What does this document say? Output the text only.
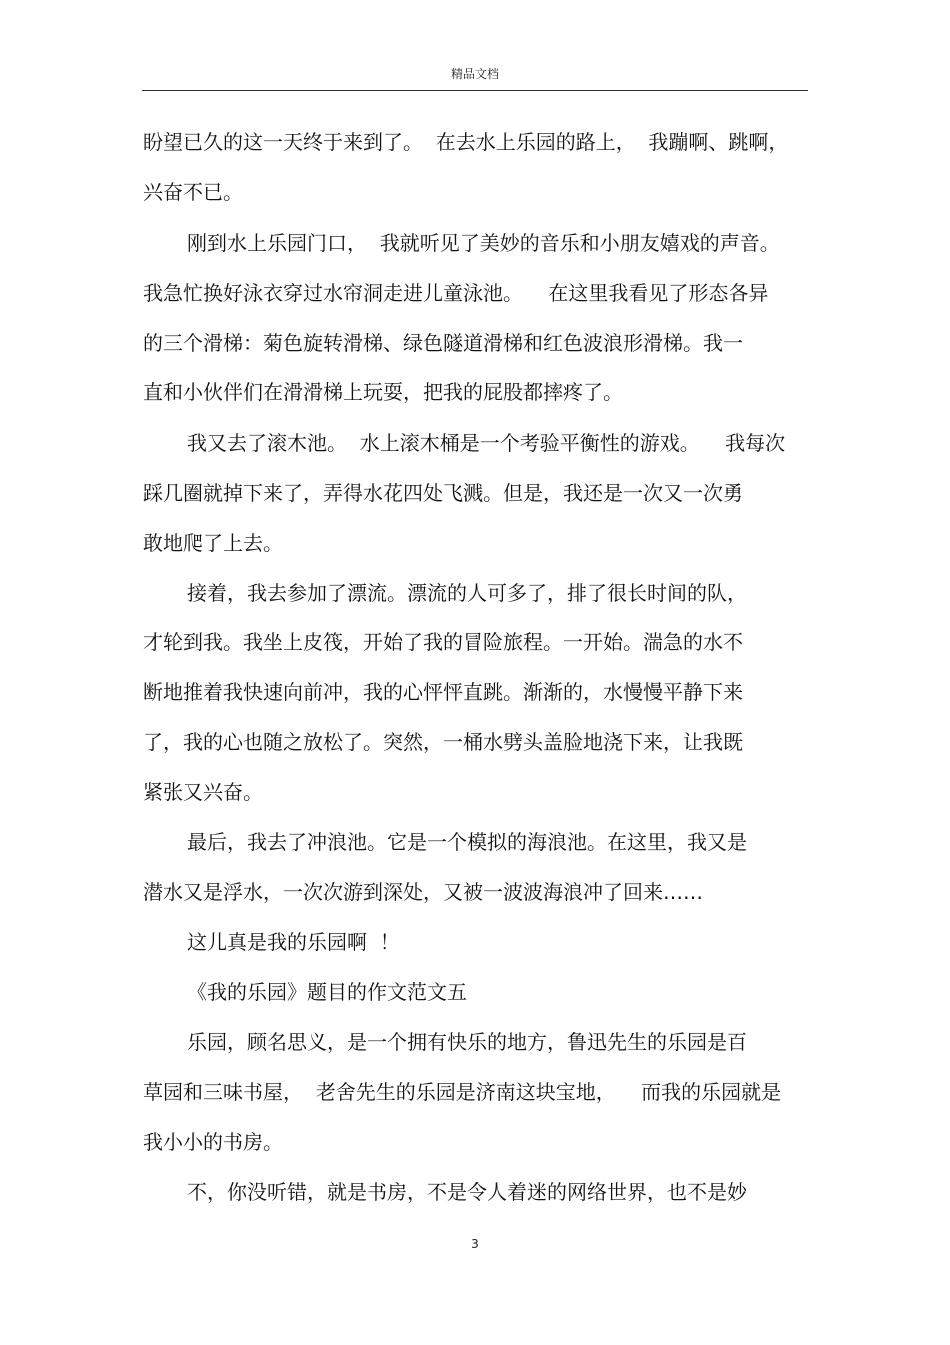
精品文档
盼望已久的这一天终于来到了。  在去水上乐园的路上，  我蹦啊、跳啊，
兴奋不已。
刚到水上乐园门口，  我就听见了美妙的音乐和小朋友嬉戏的声音。
我急忙换好泳衣穿过水帘洞走进儿童泳池。    在这里我看见了形态各异
的三个滑梯：菊色旋转滑梯、绿色隧道滑梯和红色波浪形滑梯。我一
直和小伙伴们在滑滑梯上玩耍，把我的屁股都摔疼了。
我又去了滚木池。  水上滚木桶是一个考验平衡性的游戏。    我每次
踩几圈就掉下来了，弄得水花四处飞溅。但是，我还是一次又一次勇
敢地爬了上去。
接着，我去参加了漂流。漂流的人可多了，排了很长时间的队，
才轮到我。我坐上皮筏，开始了我的冒险旅程。一开始。湍急的水不
断地推着我快速向前冲，我的心怦怦直跳。渐渐的，水慢慢平静下来
了，我的心也随之放松了。突然，一桶水劈头盖脸地浇下来，让我既
紧张又兴奋。
最后，我去了冲浪池。它是一个模拟的海浪池。在这里，我又是
潜水又是浮水，一次次游到深处，又被一波波海浪冲了回来……
这儿真是我的乐园啊  ！
《我的乐园》题目的作文范文五
乐园，顾名思义，是一个拥有快乐的地方，鲁迅先生的乐园是百
草园和三味书屋，  老舍先生的乐园是济南这块宝地，    而我的乐园就是
我小小的书房。
不，你没听错，就是书房，不是令人着迷的网络世界，也不是妙
3
